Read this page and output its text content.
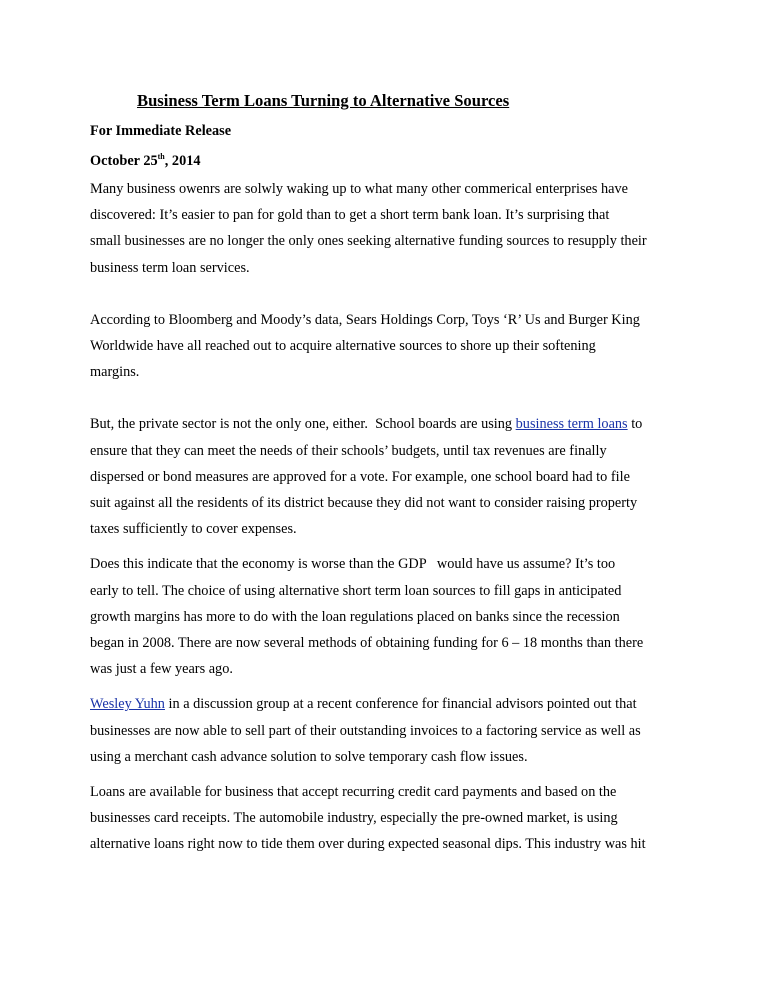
Business Term Loans Turning to Alternative Sources

For Immediate Release

October 25th, 2014

Many business owenrs are solwly waking up to what many other commerical enterprises have
discovered: It’s easier to pan for gold than to get a short term bank loan. It’s surprising that
small businesses are no longer the only ones seeking alternative funding sources to resupply their
business term loan services.

According to Bloomberg and Moody’s data, Sears Holdings Corp, Toys ‘R’ Us and Burger King
Worldwide have all reached out to acquire alternative sources to shore up their softening
margins.

But, the private sector is not the only one, either.  School boards are using business term loans to
ensure that they can meet the needs of their schools’ budgets, until tax revenues are finally
dispersed or bond measures are approved for a vote. For example, one school board had to file
suit against all the residents of its district because they did not want to consider raising property
taxes sufficiently to cover expenses.

Does this indicate that the economy is worse than the GDP   would have us assume? It’s too
early to tell. The choice of using alternative short term loan sources to fill gaps in anticipated
growth margins has more to do with the loan regulations placed on banks since the recession
began in 2008. There are now several methods of obtaining funding for 6 – 18 months than there
was just a few years ago.

Wesley Yuhn in a discussion group at a recent conference for financial advisors pointed out that
businesses are now able to sell part of their outstanding invoices to a factoring service as well as
using a merchant cash advance solution to solve temporary cash flow issues.

Loans are available for business that accept recurring credit card payments and based on the
businesses card receipts. The automobile industry, especially the pre-owned market, is using
alternative loans right now to tide them over during expected seasonal dips. This industry was hit
